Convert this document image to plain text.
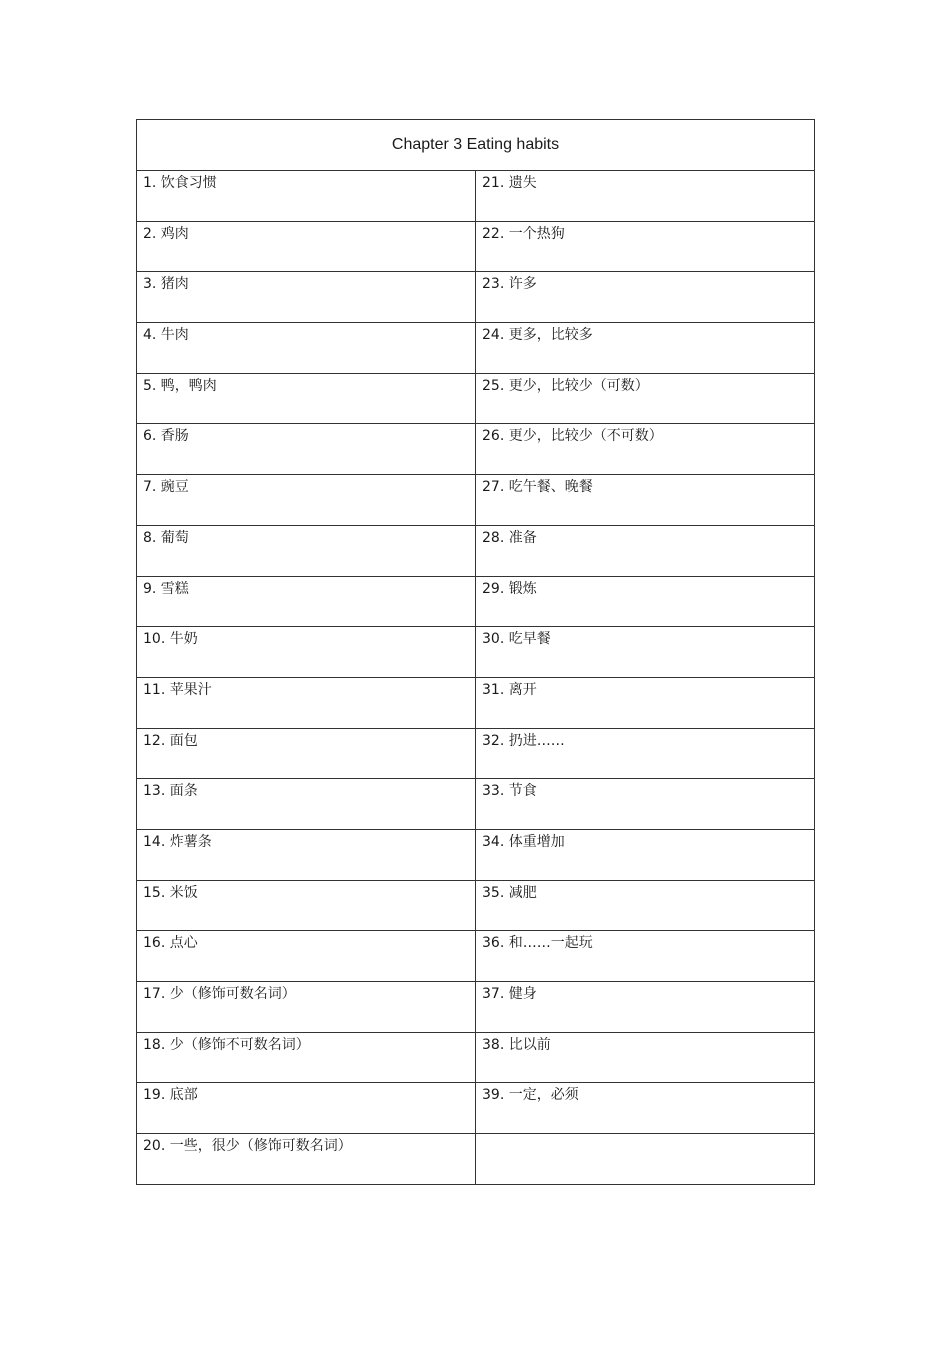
Chapter 3 Eating habits	

1. 饮食习惯	21. 遗失

2. 鸡肉	22. 一个热狗

3. 猪肉	23. 许多

4. 牛肉	24. 更多，比较多

5. 鸭，鸭肉	25. 更少，比较少（可数）

6. 香肠	26. 更少，比较少（不可数）

7. 豌豆	27. 吃午餐、晚餐

8. 葡萄	28. 准备

9. 雪糕	29. 锻炼

10. 牛奶	30. 吃早餐

11. 苹果汁	31. 离开

12. 面包	32. 扔进……

13. 面条	33. 节食

14. 炸薯条	34. 体重增加

15. 米饭	35. 减肥

16. 点心	36. 和……一起玩

17. 少（修饰可数名词）	37. 健身

18. 少（修饰不可数名词）	38. 比以前

19. 底部	39. 一定，必须

20. 一些，很少（修饰可数名词）	
